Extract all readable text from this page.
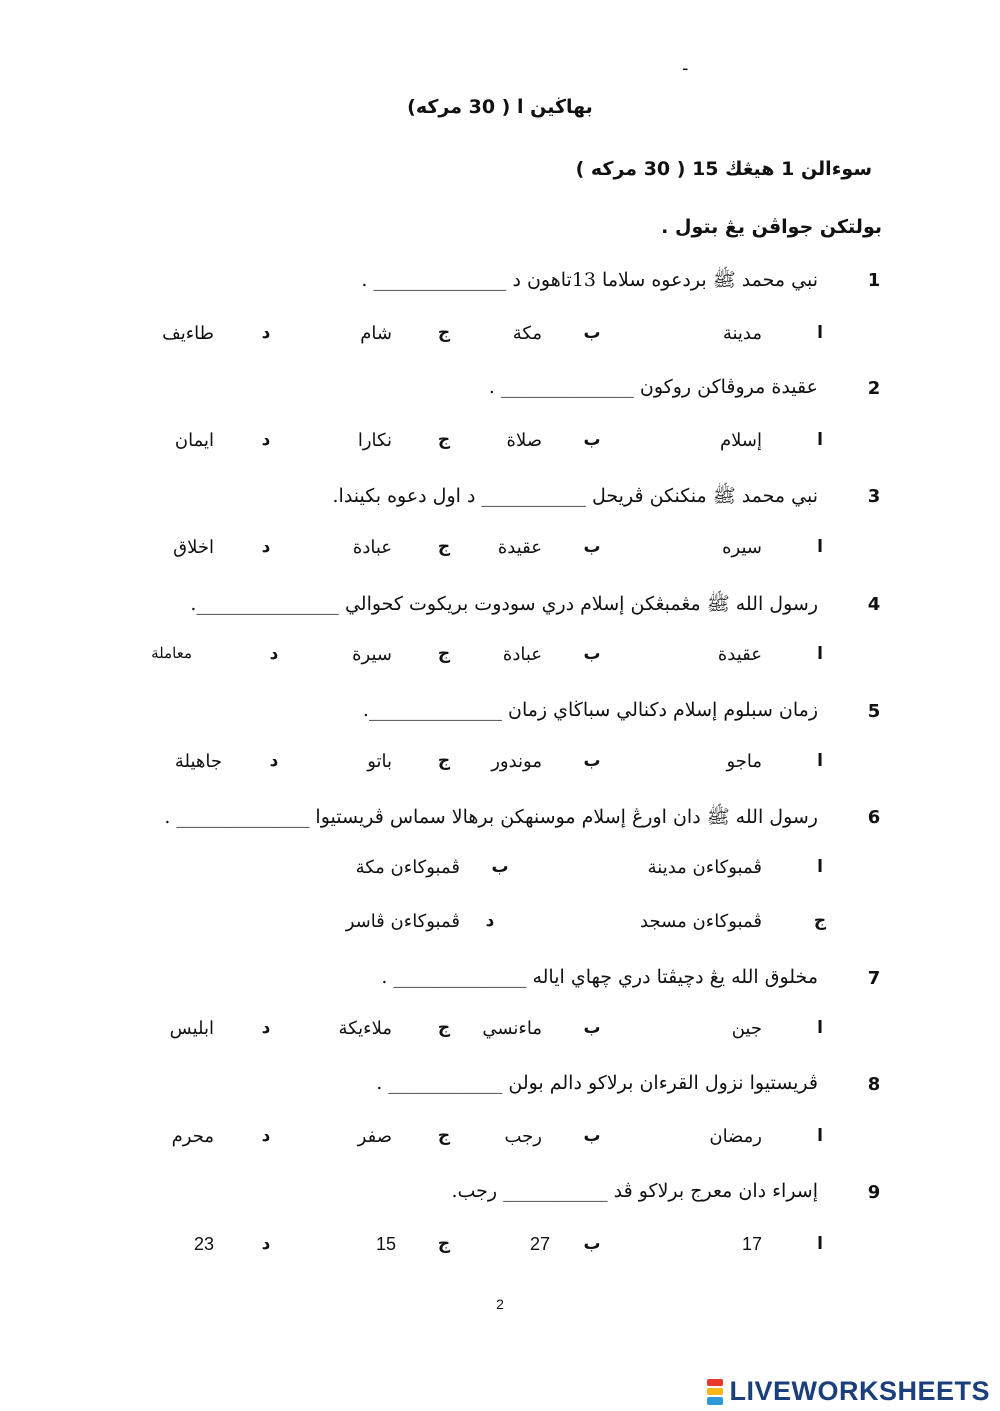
-
بهاڬين ا ( 30 مرکه)
سوءالن 1 هيڠڬ 15 ( 30 مرکه )
بولتکن جواڤن يڠ بتول .
1
نبي محمد ﷺ بردعوه سلاما 13تاهون د ______________ .
ا
مدينة
ب
مكة
ج
شام
د
طاءيف
2
عقيدة مروڤاكن روكون ______________ .
ا
إسلام
ب
صلاة
ج
نکارا
د
ايمان
3
نبي محمد ﷺ منکنکن ڤريحل ___________ د اول دعوه بکيندا.
ا
سيره
ب
عقيدة
ج
عبادة
د
اخلاق
4
رسول الله ﷺ مڠمبڠکن إسلام دري سودوت بريکوت کحوالي _______________.
ا
عقيدة
ب
عبادة
ج
سيرة
د
معاملة
5
زمان سبلوم إسلام دکنالي سباڬاي زمان ______________.
ا
ماجو
ب
موندور
ج
باتو
د
جاهيلة
6
رسول الله ﷺ دان اورڠ إسلام موسنهکن برهالا سماس ڤريستيوا ______________ .
ا
ڤمبوکاءن مدينة
ب
ڤمبوکاءن مكة
ج
ڤمبوکاءن مسجد
د
ڤمبوکاءن ڤاسر
7
مخلوق الله يڠ دچيڤتا دري چهاي اياله ______________ .
ا
جين
ب
ماءنسي
ج
ملاءيکة
د
ابليس
8
ڤريستيوا نزول القرءان برلاکو دالم بولن ____________ .
ا
رمضان
ب
رجب
ج
صفر
د
محرم
9
إسراء دان معرج برلاکو ڤد ___________ رجب.
ا
17
ب
27
ج
15
د
23
2
LIVEWORKSHEETS
